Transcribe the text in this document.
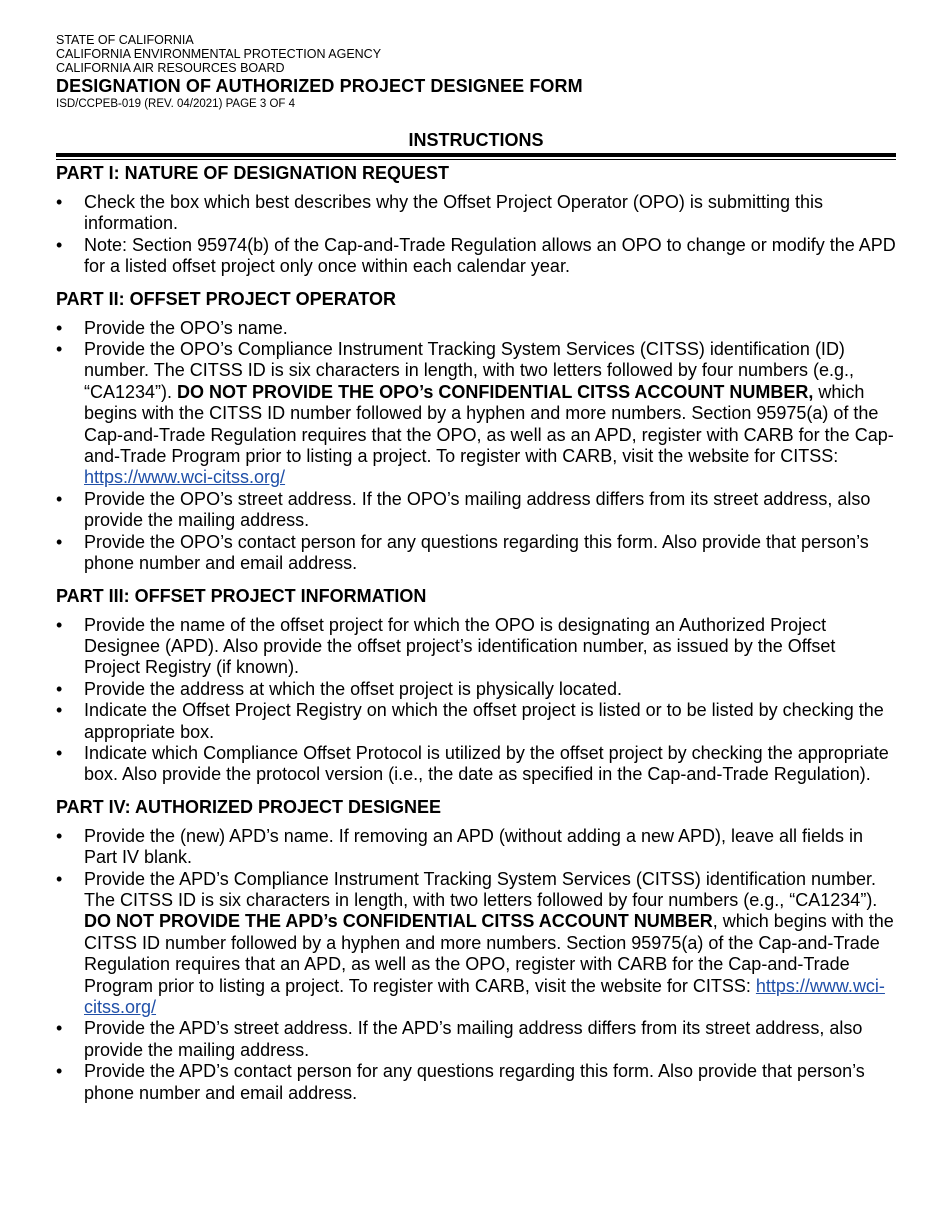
STATE OF CALIFORNIA

CALIFORNIA ENVIRONMENTAL PROTECTION AGENCY

CALIFORNIA AIR RESOURCES BOARD

DESIGNATION OF AUTHORIZED PROJECT DESIGNEE FORM

ISD/CCPEB-019 (REV. 04/2021) PAGE 3 OF 4

INSTRUCTIONS

PART I: NATURE OF DESIGNATION REQUEST
•	Check the box which best describes why the Offset Project Operator (OPO) is submitting this information.
•	Note: Section 95974(b) of the Cap-and-Trade Regulation allows an OPO to change or modify the APD for a listed offset project only once within each calendar year.
PART II: OFFSET PROJECT OPERATOR
•	Provide the OPO’s name.
•	Provide the OPO’s Compliance Instrument Tracking System Services (CITSS) identification (ID) number. The CITSS ID is six characters in length, with two letters followed by four numbers (e.g., “CA1234”). DO NOT PROVIDE THE OPO’s CONFIDENTIAL CITSS ACCOUNT NUMBER, which begins with the CITSS ID number followed by a hyphen and more numbers. Section 95975(a) of the Cap-and-Trade Regulation requires that the OPO, as well as an APD, register with CARB for the Cap-and-Trade Program prior to listing a project. To register with CARB, visit the website for CITSS: https://www.wci-citss.org/
•	Provide the OPO’s street address. If the OPO’s mailing address differs from its street address, also provide the mailing address.
•	Provide the OPO’s contact person for any questions regarding this form. Also provide that person’s phone number and email address.
PART III: OFFSET PROJECT INFORMATION
•	Provide the name of the offset project for which the OPO is designating an Authorized Project Designee (APD). Also provide the offset project’s identification number, as issued by the Offset Project Registry (if known).
•	Provide the address at which the offset project is physically located.
•	Indicate the Offset Project Registry on which the offset project is listed or to be listed by checking the appropriate box.
•	Indicate which Compliance Offset Protocol is utilized by the offset project by checking the appropriate box. Also provide the protocol version (i.e., the date as specified in the Cap-and-Trade Regulation).
PART IV: AUTHORIZED PROJECT DESIGNEE
•	Provide the (new) APD’s name. If removing an APD (without adding a new APD), leave all fields in Part IV blank.
•	Provide the APD’s Compliance Instrument Tracking System Services (CITSS) identification number. The CITSS ID is six characters in length, with two letters followed by four numbers (e.g., “CA1234”). DO NOT PROVIDE THE APD’s CONFIDENTIAL CITSS ACCOUNT NUMBER, which begins with the CITSS ID number followed by a hyphen and more numbers. Section 95975(a) of the Cap-and-Trade Regulation requires that an APD, as well as the OPO, register with CARB for the Cap-and-Trade Program prior to listing a project. To register with CARB, visit the website for CITSS: https://www.wci-citss.org/
•	Provide the APD’s street address. If the APD’s mailing address differs from its street address, also provide the mailing address.
•	Provide the APD’s contact person for any questions regarding this form. Also provide that person’s phone number and email address.
